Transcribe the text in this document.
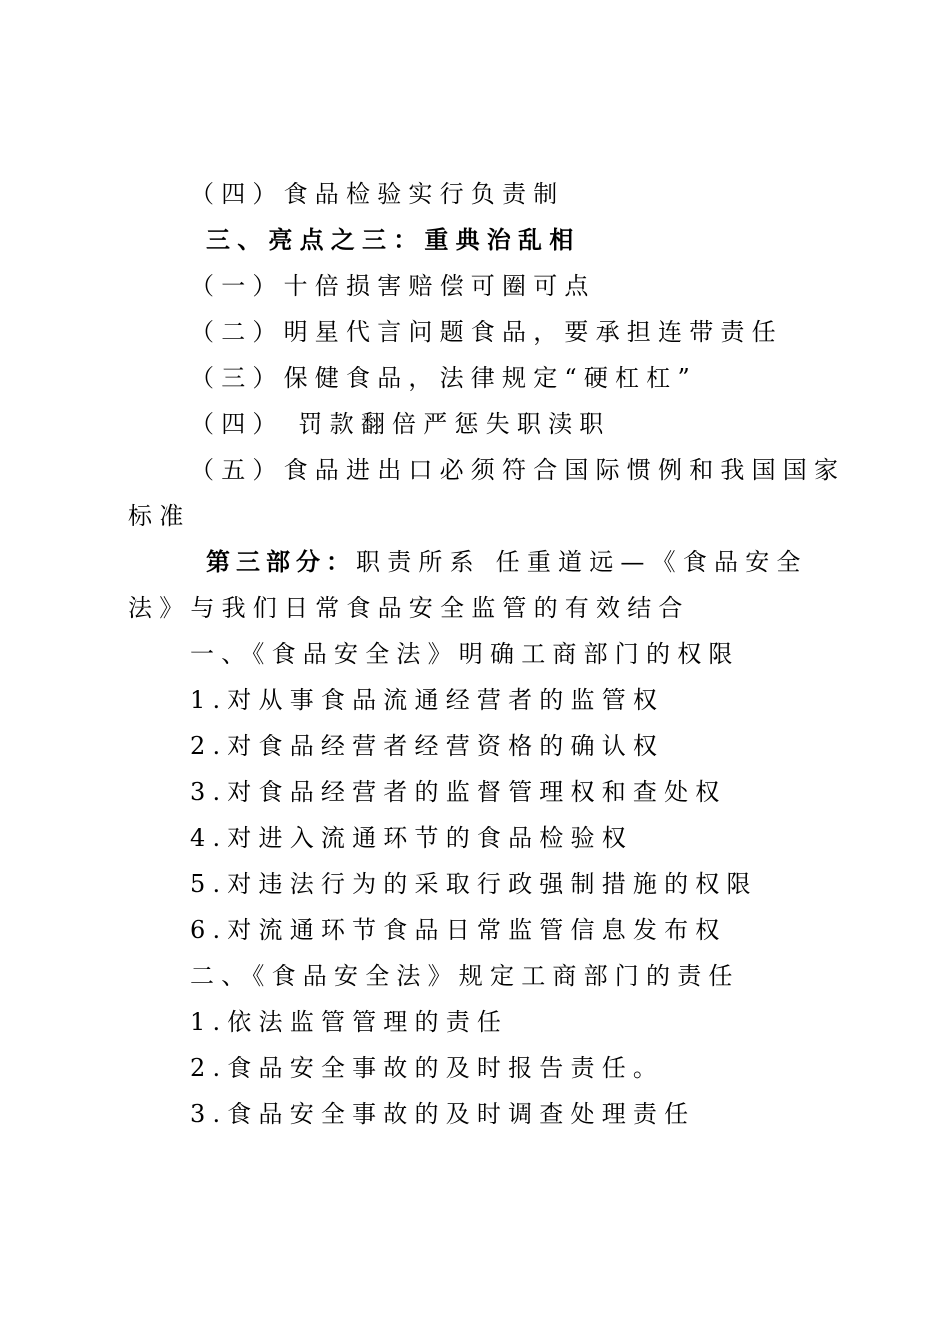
（四）食品检验实行负责制
三、亮点之三：重典治乱相
（一）十倍损害赔偿可圈可点
（二）明星代言问题食品，要承担连带责任
（三）保健食品，法律规定“硬杠杠”
（四） 罚款翻倍严惩失职渎职
（五）食品进出口必须符合国际惯例和我国国家
标准
第三部分：职责所系 任重道远—《食品安全
法》与我们日常食品安全监管的有效结合
一、《食品安全法》明确工商部门的权限
1.对从事食品流通经营者的监管权
2.对食品经营者经营资格的确认权
3.对食品经营者的监督管理权和查处权
4.对进入流通环节的食品检验权
5.对违法行为的采取行政强制措施的权限
6.对流通环节食品日常监管信息发布权
二、《食品安全法》规定工商部门的责任
1.依法监管管理的责任
2.食品安全事故的及时报告责任。
3.食品安全事故的及时调查处理责任
